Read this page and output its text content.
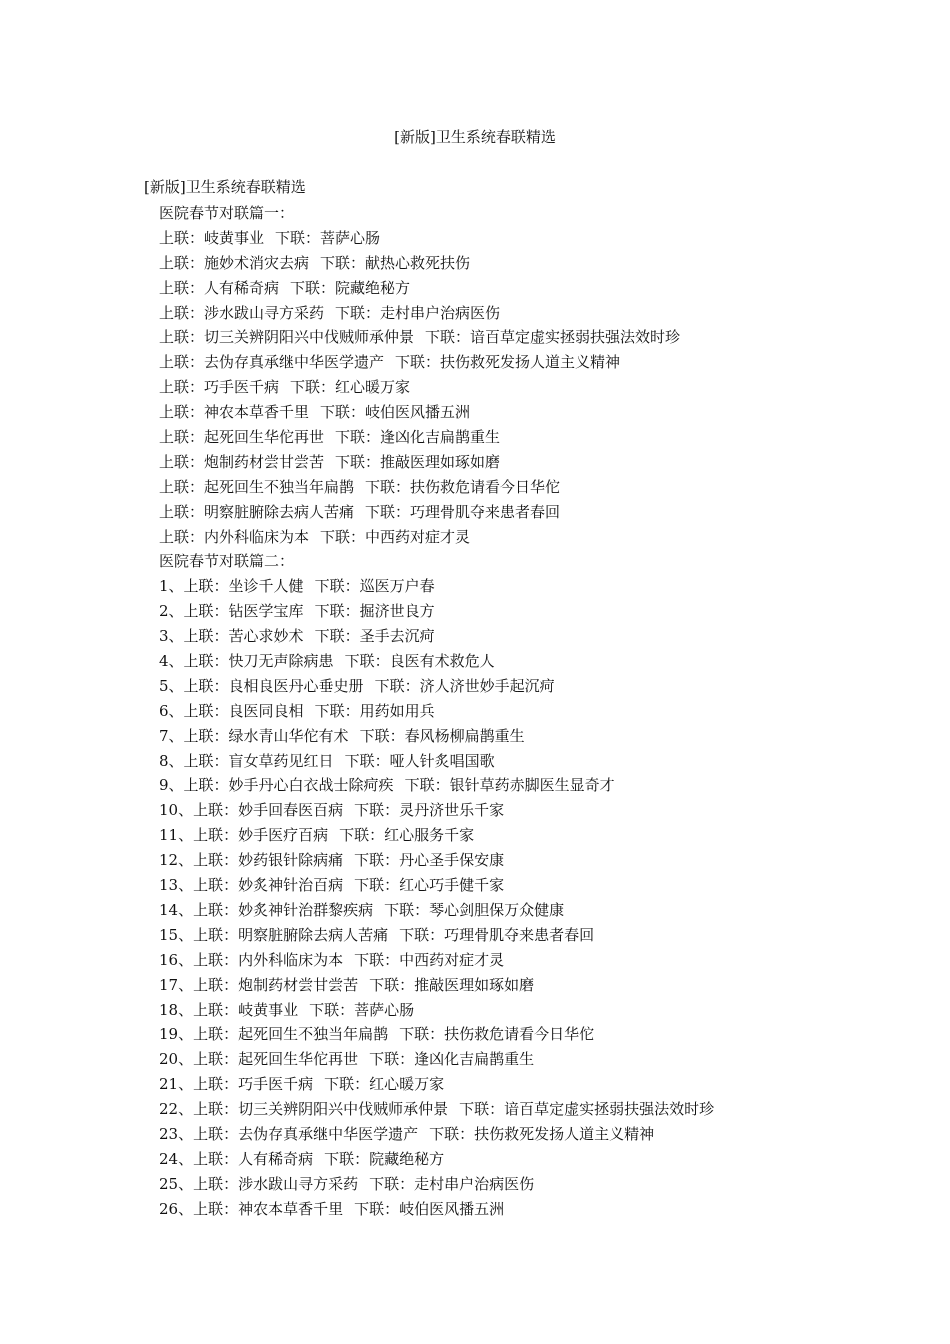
[新版]卫生系统春联精选
[新版]卫生系统春联精选
医院春节对联篇一：
上联：岐黄事业 下联：菩萨心肠
上联：施妙术消灾去病 下联：献热心救死扶伤
上联：人有稀奇病 下联：院藏绝秘方
上联：涉水跋山寻方采药 下联：走村串户治病医伤
上联：切三关辨阴阳兴中伐贼师承仲景 下联：谙百草定虚实拯弱扶强法效时珍
上联：去伪存真承继中华医学遗产 下联：扶伤救死发扬人道主义精神
上联：巧手医千病 下联：红心暖万家
上联：神农本草香千里 下联：岐伯医风播五洲
上联：起死回生华佗再世 下联：逢凶化吉扁鹊重生
上联：炮制药材尝甘尝苦 下联：推敲医理如琢如磨
上联：起死回生不独当年扁鹊 下联：扶伤救危请看今日华佗
上联：明察脏腑除去病人苦痛 下联：巧理骨肌夺来患者春回
上联：内外科临床为本 下联：中西药对症才灵
医院春节对联篇二：
1、上联：坐诊千人健 下联：巡医万户春
2、上联：钻医学宝库 下联：掘济世良方
3、上联：苦心求妙术 下联：圣手去沉疴
4、上联：快刀无声除病患 下联：良医有术救危人
5、上联：良相良医丹心垂史册 下联：济人济世妙手起沉疴
6、上联：良医同良相 下联：用药如用兵
7、上联：绿水青山华佗有术 下联：春风杨柳扁鹊重生
8、上联：盲女草药见红日 下联：哑人针炙唱国歌
9、上联：妙手丹心白衣战士除疴疾 下联：银针草药赤脚医生显奇才
10、上联：妙手回春医百病 下联：灵丹济世乐千家
11、上联：妙手医疗百病 下联：红心服务千家
12、上联：妙药银针除病痛 下联：丹心圣手保安康
13、上联：妙炙神针治百病 下联：红心巧手健千家
14、上联：妙炙神针治群黎疾病 下联：琴心剑胆保万众健康
15、上联：明察脏腑除去病人苦痛 下联：巧理骨肌夺来患者春回
16、上联：内外科临床为本 下联：中西药对症才灵
17、上联：炮制药材尝甘尝苦 下联：推敲医理如琢如磨
18、上联：岐黄事业 下联：菩萨心肠
19、上联：起死回生不独当年扁鹊 下联：扶伤救危请看今日华佗
20、上联：起死回生华佗再世 下联：逢凶化吉扁鹊重生
21、上联：巧手医千病 下联：红心暖万家
22、上联：切三关辨阴阳兴中伐贼师承仲景 下联：谙百草定虚实拯弱扶强法效时珍
23、上联：去伪存真承继中华医学遗产 下联：扶伤救死发扬人道主义精神
24、上联：人有稀奇病 下联：院藏绝秘方
25、上联：涉水跋山寻方采药 下联：走村串户治病医伤
26、上联：神农本草香千里 下联：岐伯医风播五洲
